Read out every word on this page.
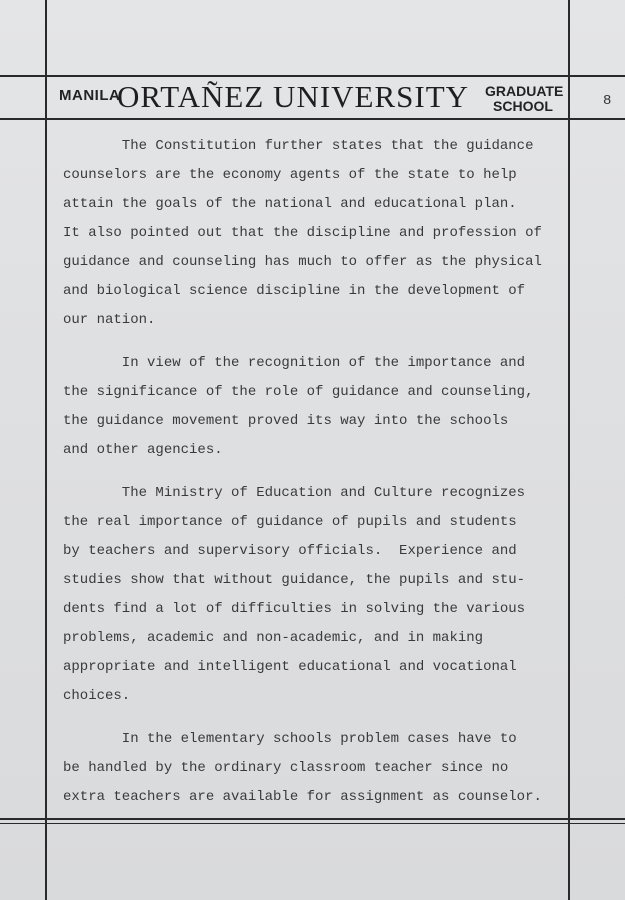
MANILA
ORTAÑEZ UNIVERSITY GRADUATE
SCHOOL	8
The Constitution further states that the guidance
counselors are the economy agents of the state to help
attain the goals of the national and educational plan.
It also pointed out that the discipline and profession of
guidance and counseling has much to offer as the physical
and biological science discipline in the development of
our nation.
In view of the recognition of the importance and
the significance of the role of guidance and counseling,
the guidance movement proved its way into the schools
and other agencies.
The Ministry of Education and Culture recognizes
the real importance of guidance of pupils and students
by teachers and supervisory officials.  Experience and
studies show that without guidance, the pupils and stu-
dents find a lot of difficulties in solving the various
problems, academic and non-academic, and in making
appropriate and intelligent educational and vocational
choices.
In the elementary schools problem cases have to
be handled by the ordinary classroom teacher since no
extra teachers are available for assignment as counselor.
